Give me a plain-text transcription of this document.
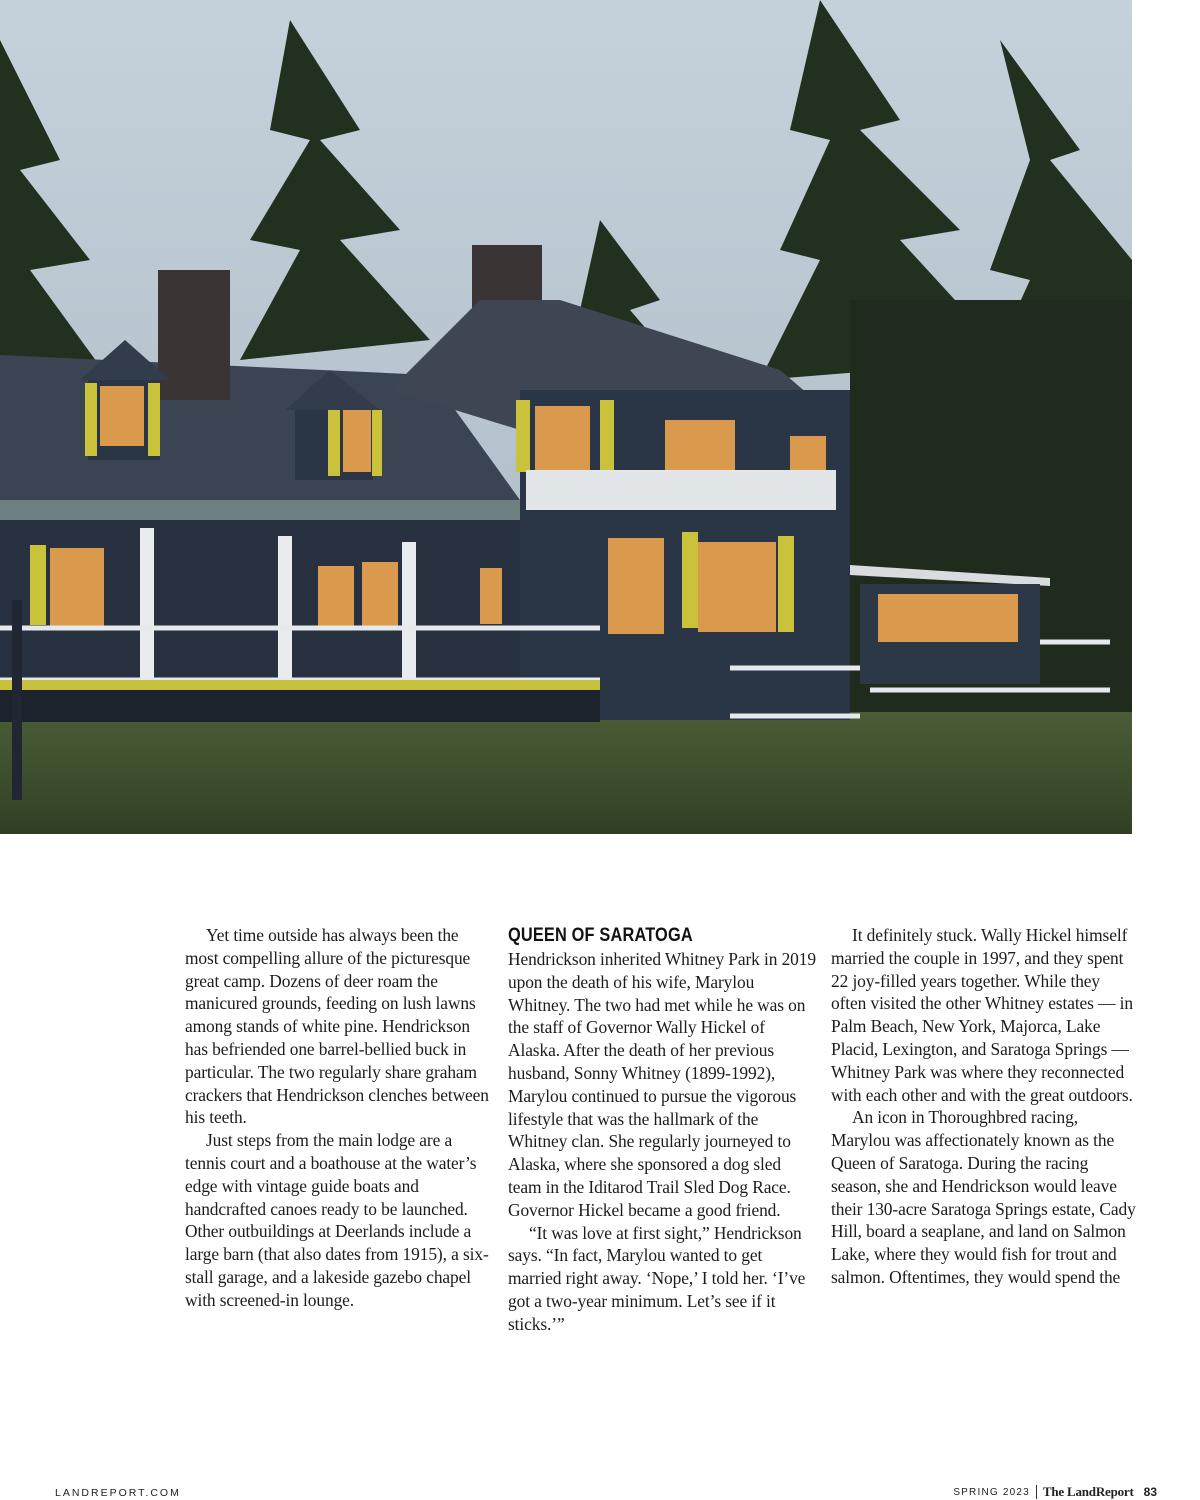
Yet time outside has always been the most compelling allure of the picturesque great camp. Dozens of deer roam the manicured grounds, feeding on lush lawns among stands of white pine. Hendrickson has befriended one barrel-bellied buck in particular. The two regularly share graham crackers that Hendrickson clenches between his teeth.

Just steps from the main lodge are a tennis court and a boathouse at the water’s edge with vintage guide boats and handcrafted canoes ready to be launched. Other outbuildings at Deerlands include a large barn (that also dates from 1915), a six-stall garage, and a lakeside gazebo chapel with screened-in lounge.

QUEEN OF SARATOGA

Hendrickson inherited Whitney Park in 2019 upon the death of his wife, Marylou Whitney. The two had met while he was on the staff of Governor Wally Hickel of Alaska. After the death of her previous husband, Sonny Whitney (1899-1992), Marylou continued to pursue the vigorous lifestyle that was the hallmark of the Whitney clan. She regularly journeyed to Alaska, where she sponsored a dog sled team in the Iditarod Trail Sled Dog Race. Governor Hickel became a good friend.

“It was love at first sight,” Hendrickson says. “In fact, Marylou wanted to get married right away. ‘Nope,’ I told her. ‘I’ve got a two-year minimum. Let’s see if it sticks.’”

It definitely stuck. Wally Hickel himself married the couple in 1997, and they spent 22 joy-filled years together. While they often visited the other Whitney estates — in Palm Beach, New York, Majorca, Lake Placid, Lexington, and Saratoga Springs — Whitney Park was where they reconnected with each other and with the great outdoors.

An icon in Thoroughbred racing, Marylou was affectionately known as the Queen of Saratoga. During the racing season, she and Hendrickson would leave their 130-acre Saratoga Springs estate, Cady Hill, board a seaplane, and land on Salmon Lake, where they would fish for trout and salmon. Oftentimes, they would spend the

LANDREPORT.COM	SPRING 2023 The LandReport 83
